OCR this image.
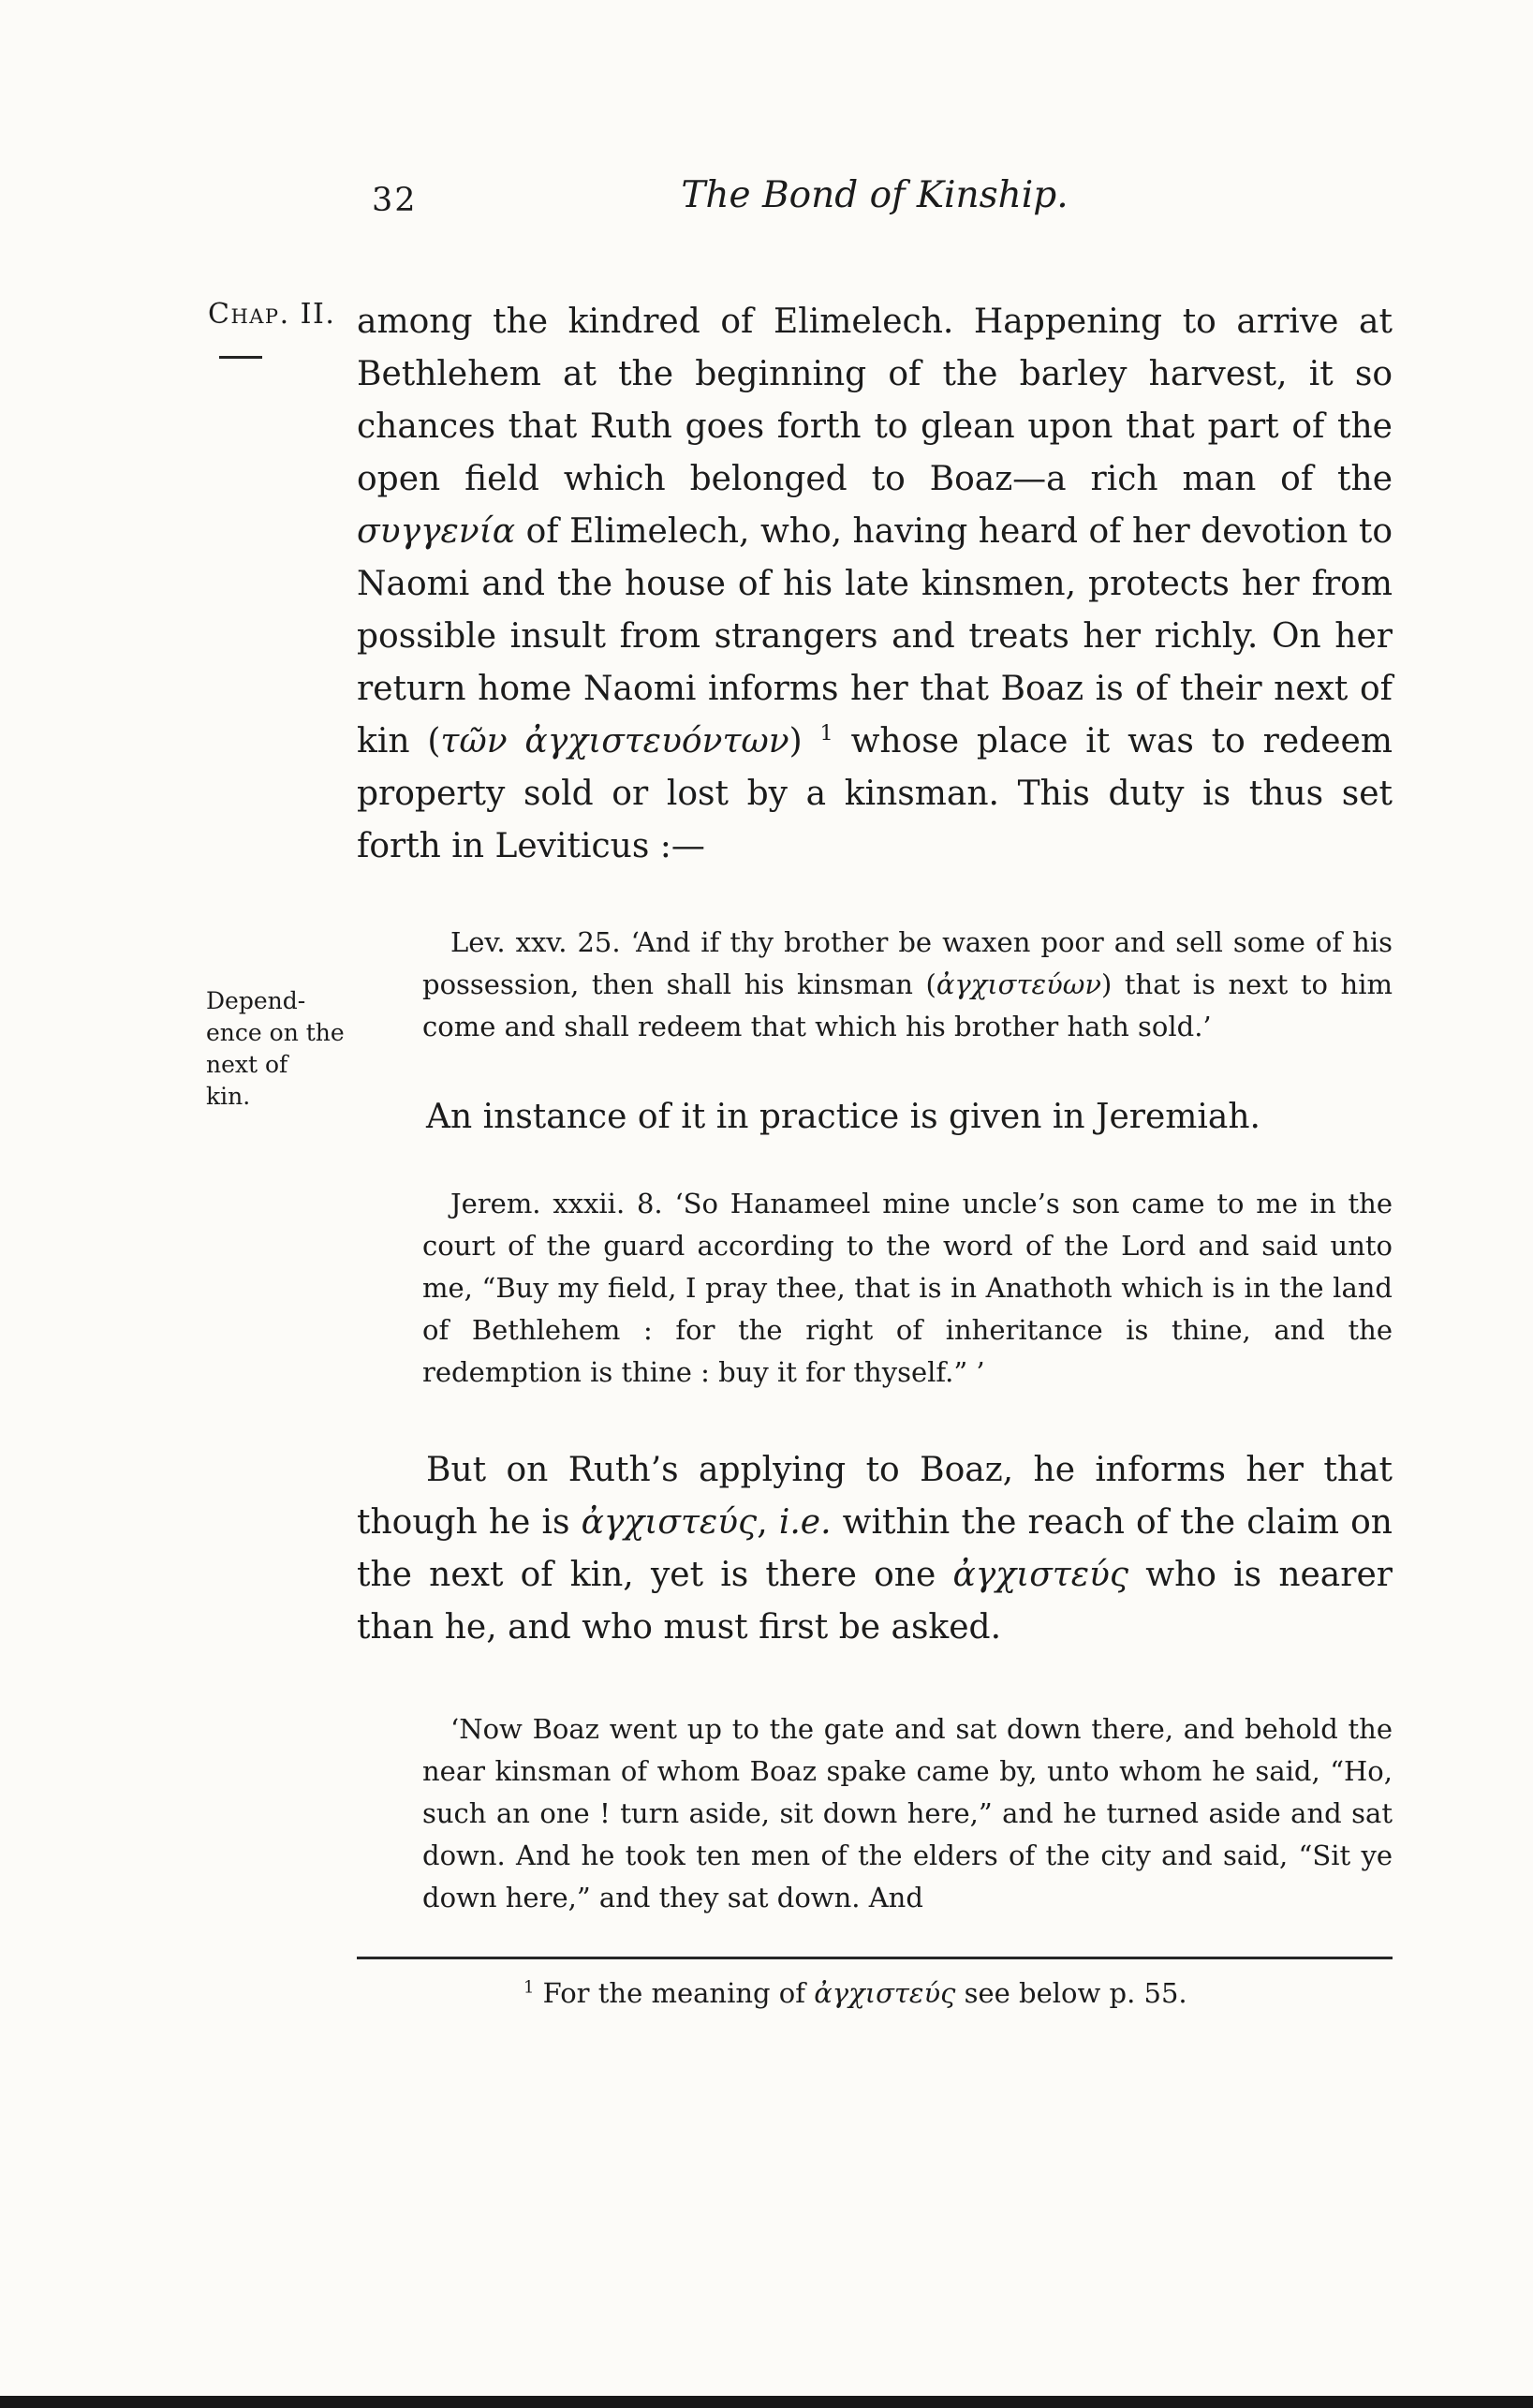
Chap. II.
Depend-
ence on the
next of
kin.
32	The Bond of Kinship.

among the kindred of Elimelech. Happening to arrive at Bethlehem at the beginning of the barley harvest, it so chances that Ruth goes forth to glean upon that part of the open field which belonged to Boaz—a rich man of the συγγενία of Elimelech, who, having heard of her devotion to Naomi and the house of his late kinsmen, protects her from possible insult from strangers and treats her richly. On her return home Naomi informs her that Boaz is of their next of kin (τῶν ἀγχιστευόντων) $^1$ whose place it was to redeem property sold or lost by a kinsman. This duty is thus set forth in Leviticus :—

Lev. xxv. 25. ‘And if thy brother be waxen poor and sell some of his possession, then shall his kinsman (ἀγχιστεύων) that is next to him come and shall redeem that which his brother hath sold.’

An instance of it in practice is given in Jeremiah.

Jerem. xxxii. 8. ‘So Hanameel mine uncle’s son came to me in the court of the guard according to the word of the Lord and said unto me, “Buy my field, I pray thee, that is in Anathoth which is in the land of Bethlehem : for the right of inheritance is thine, and the redemption is thine : buy it for thyself.” ’

But on Ruth’s applying to Boaz, he informs her that though he is ἀγχιστεύς, i.e. within the reach of the claim on the next of kin, yet is there one ἀγχιστεύς who is nearer than he, and who must first be asked.

‘Now Boaz went up to the gate and sat down there, and behold the near kinsman of whom Boaz spake came by, unto whom he said, “Ho, such an one ! turn aside, sit down here,” and he turned aside and sat down. And he took ten men of the elders of the city and said, “Sit ye down here,” and they sat down. And

$^1$ For the meaning of ἀγχιστεύς see below p. 55.
